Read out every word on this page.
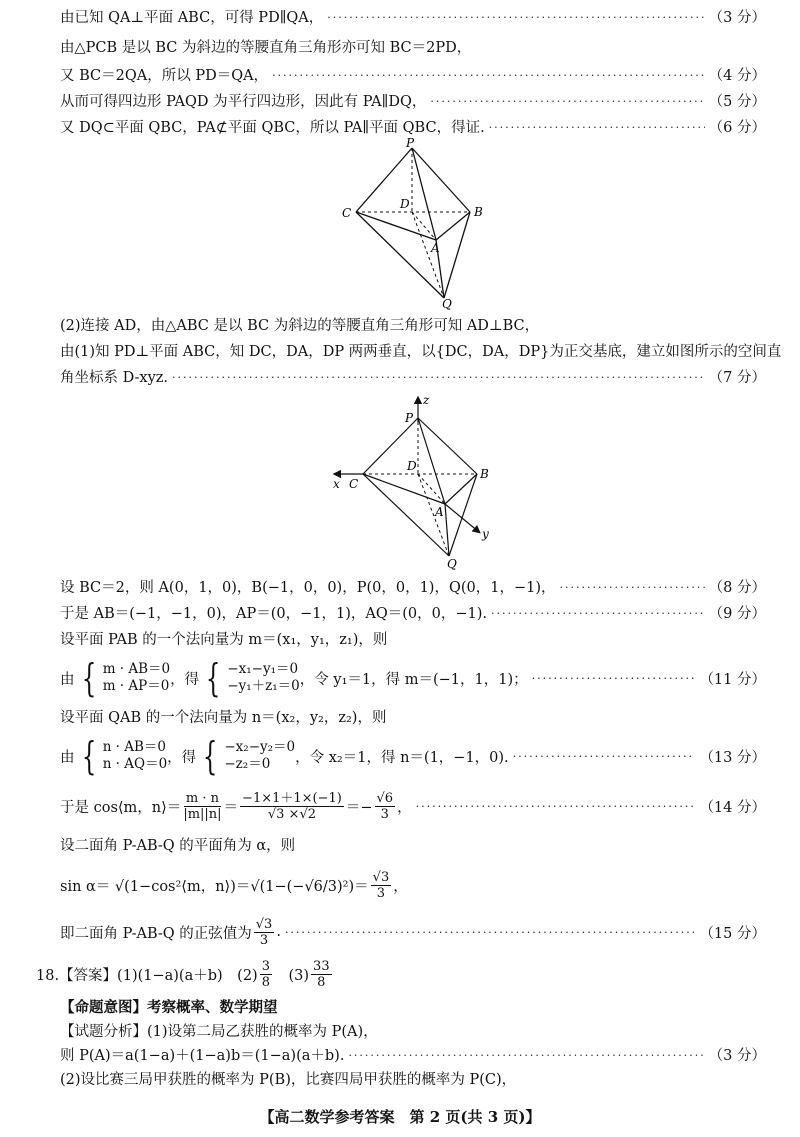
由已知 QA⊥平面 ABC，可得 PD∥QA， ·····	（3 分）
由△PCB 是以 BC 为斜边的等腰直角三角形亦可知 BC＝2PD，
又 BC＝2QA，所以 PD＝QA， ·····	（4 分）
从而可得四边形 PAQD 为平行四边形，因此有 PA∥DQ， ·····	（5 分）
又 DQ⊂平面 QBC，PA⊄平面 QBC，所以 PA∥平面 QBC，得证. ·····	（6 分）
P
C
D
B
A
Q
(2)连接 AD，由△ABC 是以 BC 为斜边的等腰直角三角形可知 AD⊥BC，
由(1)知 PD⊥平面 ABC，知 DC，DA，DP 两两垂直，以{DC，DA，DP}为正交基底，建立如图所示的空间直
角坐标系 D-xyz. ·····	（7 分）
P
z
x C
D
B
A
y
Q
设 BC＝2，则 A(0，1，0)，B(−1，0，0)，P(0，0，1)，Q(0，1，−1)， ·····	（8 分）
于是 AB＝(−1，−1，0)，AP＝(0，−1，1)，AQ＝(0，0，−1). ·····	（9 分）
设平面 PAB 的一个法向量为 m＝(x₁，y₁，z₁)，则
由 { m · AB＝0
m · AP＝0 ，得 { −x₁−y₁＝0
−y₁＋z₁＝0 ，令 y₁＝1，得 m＝(−1，1，1)； ·····	（11 分）
设平面 QAB 的一个法向量为 n＝(x₂，y₂，z₂)，则
由 { n · AB＝0
n · AQ＝0 ，得 { −x₂−y₂＝0
−z₂＝0	，令 x₂＝1，得 n＝(1，−1，0). ·····	（13 分）
于是 cos⟨m，n⟩＝ $\frac{m \cdot n}{|m||n|} = \frac{-1\times 1+1\times(-1)}{√3 \times√2} =- \frac{√6}{3}$ ， ·····	（14 分）
设二面角 P-AB-Q 的平面角为 α，则
sin α＝ √(1−cos²⟨m，n⟩)＝√(1−(−√6/3)²)＝ $\frac{√3}{3}$ ，
即二面角 P-AB-Q 的正弦值为 $\frac{√3}{3}$ . ·····	（15 分）
18.【答案】(1)(1−a)(a＋b)　$(2) \frac{3}{8}$ 　$(3) \frac{33}{8}$
【命题意图】考察概率、数学期望
【试题分析】(1)设第二局乙获胜的概率为 P(A)，
则 P(A)＝a(1−a)＋(1−a)b＝(1−a)(a＋b). ·····	（3 分）
(2)设比赛三局甲获胜的概率为 P(B)，比赛四局甲获胜的概率为 P(C)，
【高二数学参考答案　第 2 页(共 3 页)】
